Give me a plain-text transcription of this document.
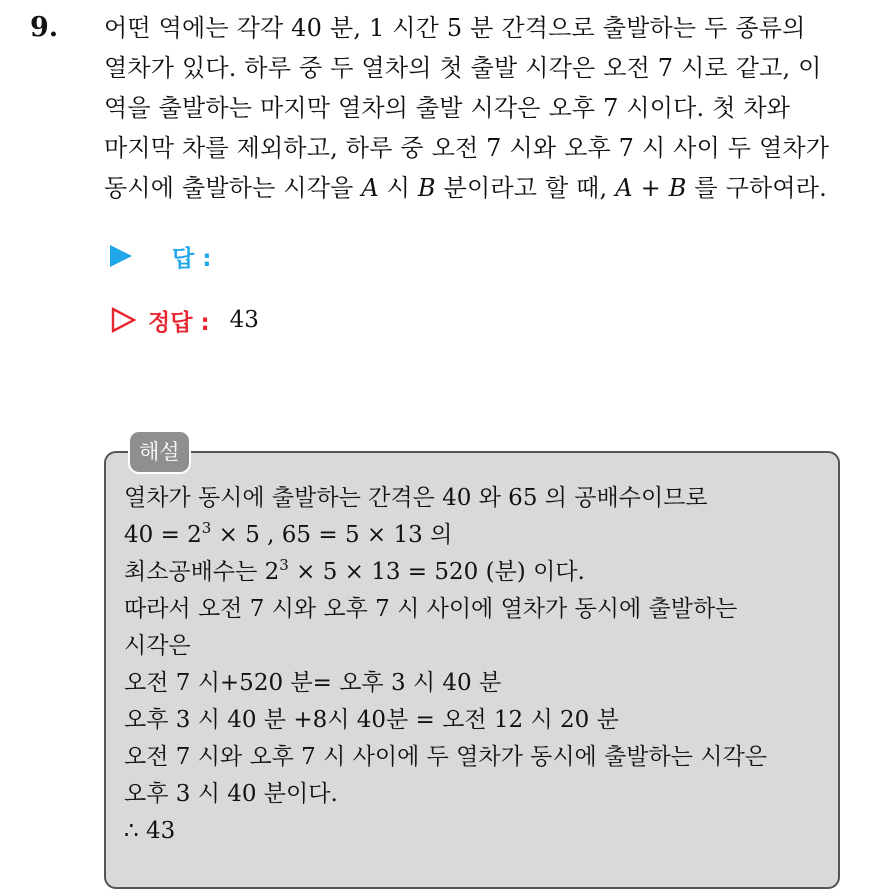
9. 어떤 역에는 각각 40 분, 1 시간 5 분 간격으로 출발하는 두 종류의
열차가 있다. 하루 중 두 열차의 첫 출발 시각은 오전 7 시로 같고, 이
역을 출발하는 마지막 열차의 출발 시각은 오후 7 시이다. 첫 차와
마지막 차를 제외하고, 하루 중 오전 7 시와 오후 7 시 사이 두 열차가
동시에 출발하는 시각을 A 시 B 분이라고 할 때, A + B 를 구하여라.
답 :
정답 : 43
해설
열차가 동시에 출발하는 간격은 40 와 65 의 공배수이므로
$40 = 2^3 \times 5$ , 65 = 5 × 13 의
최소공배수는 $2^3 \times 5 \times 13 = 520$ (분) 이다.
따라서 오전 7 시와 오후 7 시 사이에 열차가 동시에 출발하는
시각은
오전 7 시+520 분= 오후 3 시 40 분
오후 3 시 40 분 +8시 40분 = 오전 12 시 20 분
오전 7 시와 오후 7 시 사이에 두 열차가 동시에 출발하는 시각은
오후 3 시 40 분이다.
∴ 43
